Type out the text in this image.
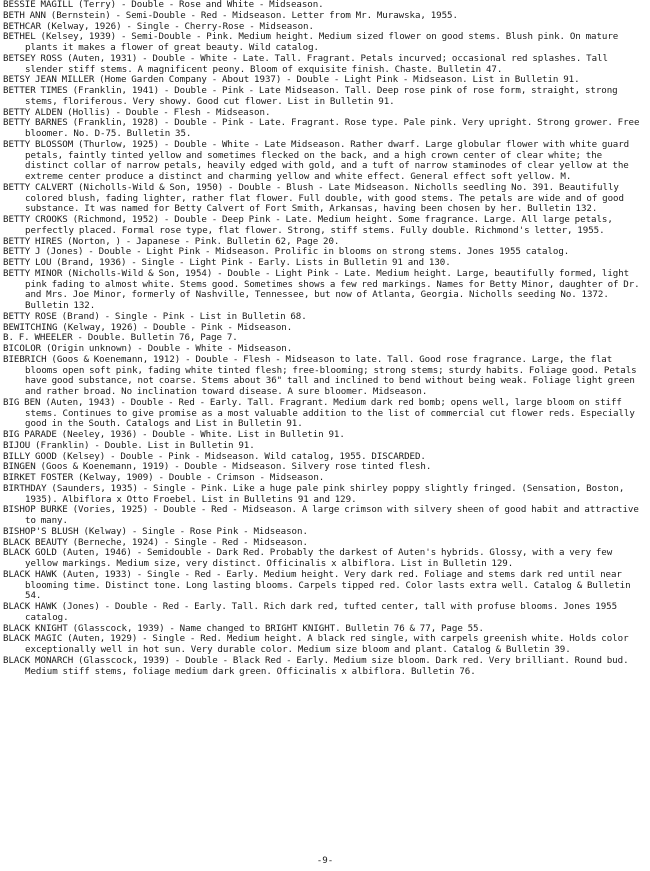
BESSIE MAGILL (Terry) - Double - Rose and White - Midseason.
BETH ANN (Bernstein) - Semi-Double - Red - Midseason. Letter from Mr. Murawska, 1955.
BETHCAR (Kelway, 1926) - Single - Cherry-Rose - Midseason.
BETHEL (Kelsey, 1939) - Semi-Double - Pink. Medium height. Medium sized flower on good stems. Blush pink. On mature plants it makes a flower of great beauty. Wild catalog.
BETSEY ROSS (Auten, 1931) - Double - White - Late. Tall. Fragrant. Petals incurved; occasional red splashes. Tall slender stiff stems. A magnificent peony. Bloom of exquisite finish. Chaste. Bulletin 47.
BETSY JEAN MILLER (Home Garden Company - About 1937) - Double - Light Pink - Midseason. List in Bulletin 91.
BETTER TIMES (Franklin, 1941) - Double - Pink - Late Midseason. Tall. Deep rose pink of rose form, straight, strong stems, floriferous. Very showy. Good cut flower. List in Bulletin 91.
BETTY ALDEN (Hollis) - Double - Flesh - Midseason.
BETTY BARNES (Franklin, 1928) - Double - Pink - Late. Fragrant. Rose type. Pale pink. Very upright. Strong grower. Free bloomer. No. D-75. Bulletin 35.
BETTY BLOSSOM (Thurlow, 1925) - Double - White - Late Midseason. Rather dwarf. Large globular flower with white guard petals, faintly tinted yellow and sometimes flecked on the back, and a high crown center of clear white; the distinct collar of narrow petals, heavily edged with gold, and a tuft of narrow staminodes of clear yellow at the extreme center produce a distinct and charming yellow and white effect. General effect soft yellow. M.
BETTY CALVERT (Nicholls-Wild & Son, 1950) - Double - Blush - Late Midseason. Nicholls seedling No. 391. Beautifully colored blush, fading lighter, rather flat flower. Full double, with good stems. The petals are wide and of good substance. It was named for Betty Calvert of Fort Smith, Arkansas, having been chosen by her. Bulletin 132.
BETTY CROOKS (Richmond, 1952) - Double - Deep Pink - Late. Medium height. Some fragrance. Large. All large petals, perfectly placed. Formal rose type, flat flower. Strong, stiff stems. Fully double. Richmond's letter, 1955.
BETTY HIRES (Norton, ) - Japanese - Pink. Bulletin 62, Page 20.
BETTY J (Jones) - Double - Light Pink - Midseason. Prolific in blooms on strong stems. Jones 1955 catalog.
BETTY LOU (Brand, 1936) - Single - Light Pink - Early. Lists in Bulletin 91 and 130.
BETTY MINOR (Nicholls-Wild & Son, 1954) - Double - Light Pink - Late. Medium height. Large, beautifully formed, light pink fading to almost white. Stems good. Sometimes shows a few red markings. Names for Betty Minor, daughter of Dr. and Mrs. Joe Minor, formerly of Nashville, Tennessee, but now of Atlanta, Georgia. Nicholls seeding No. 1372. Bulletin 132.
BETTY ROSE (Brand) - Single - Pink - List in Bulletin 68.
BEWITCHING (Kelway, 1926) - Double - Pink - Midseason.
B. F. WHEELER - Double. Bulletin 76, Page 7.
BICOLOR (Origin unknown) - Double - White - Midseason.
BIEBRICH (Goos & Koenemann, 1912) - Double - Flesh - Midseason to late. Tall. Good rose fragrance. Large, the flat blooms open soft pink, fading white tinted flesh; free-blooming; strong stems; sturdy habits. Foliage good. Petals have good substance, not coarse. Stems about 36" tall and inclined to bend without being weak. Foliage light green and rather broad. No inclination toward disease. A sure bloomer. Midseason.
BIG BEN (Auten, 1943) - Double - Red - Early. Tall. Fragrant. Medium dark red bomb; opens well, large bloom on stiff stems. Continues to give promise as a most valuable addition to the list of commercial cut flower reds. Especially good in the South. Catalogs and List in Bulletin 91.
BIG PARADE (Neeley, 1936) - Double - White. List in Bulletin 91.
BIJOU (Franklin) - Double. List in Bulletin 91.
BILLY GOOD (Kelsey) - Double - Pink - Midseason. Wild catalog, 1955. DISCARDED.
BINGEN (Goos & Koenemann, 1919) - Double - Midseason. Silvery rose tinted flesh.
BIRKET FOSTER (Kelway, 1909) - Double - Crimson - Midseason.
BIRTHDAY (Saunders, 1935) - Single - Pink. Like a huge pale pink shirley poppy slightly fringed. (Sensation, Boston, 1935). Albiflora x Otto Froebel. List in Bulletins 91 and 129.
BISHOP BURKE (Vories, 1925) - Double - Red - Midseason. A large crimson with silvery sheen of good habit and attractive to many.
BISHOP'S BLUSH (Kelway) - Single - Rose Pink - Midseason.
BLACK BEAUTY (Berneche, 1924) - Single - Red - Midseason.
BLACK GOLD (Auten, 1946) - Semidouble - Dark Red. Probably the darkest of Auten's hybrids. Glossy, with a very few yellow markings. Medium size, very distinct. Officinalis x albiflora. List in Bulletin 129.
BLACK HAWK (Auten, 1933) - Single - Red - Early. Medium height. Very dark red. Foliage and stems dark red until near blooming time. Distinct tone. Long lasting blooms. Carpels tipped red. Color lasts extra well. Catalog & Bulletin 54.
BLACK HAWK (Jones) - Double - Red - Early. Tall. Rich dark red, tufted center, tall with profuse blooms. Jones 1955 catalog.
BLACK KNIGHT (Glasscock, 1939) - Name changed to BRIGHT KNIGHT. Bulletin 76 & 77, Page 55.
BLACK MAGIC (Auten, 1929) - Single - Red. Medium height. A black red single, with carpels greenish white. Holds color exceptionally well in hot sun. Very durable color. Medium size bloom and plant. Catalog & Bulletin 39.
BLACK MONARCH (Glasscock, 1939) - Double - Black Red - Early. Medium size bloom. Dark red. Very brilliant. Round bud. Medium stiff stems, foliage medium dark green. Officinalis x albiflora. Bulletin 76.
-9-
